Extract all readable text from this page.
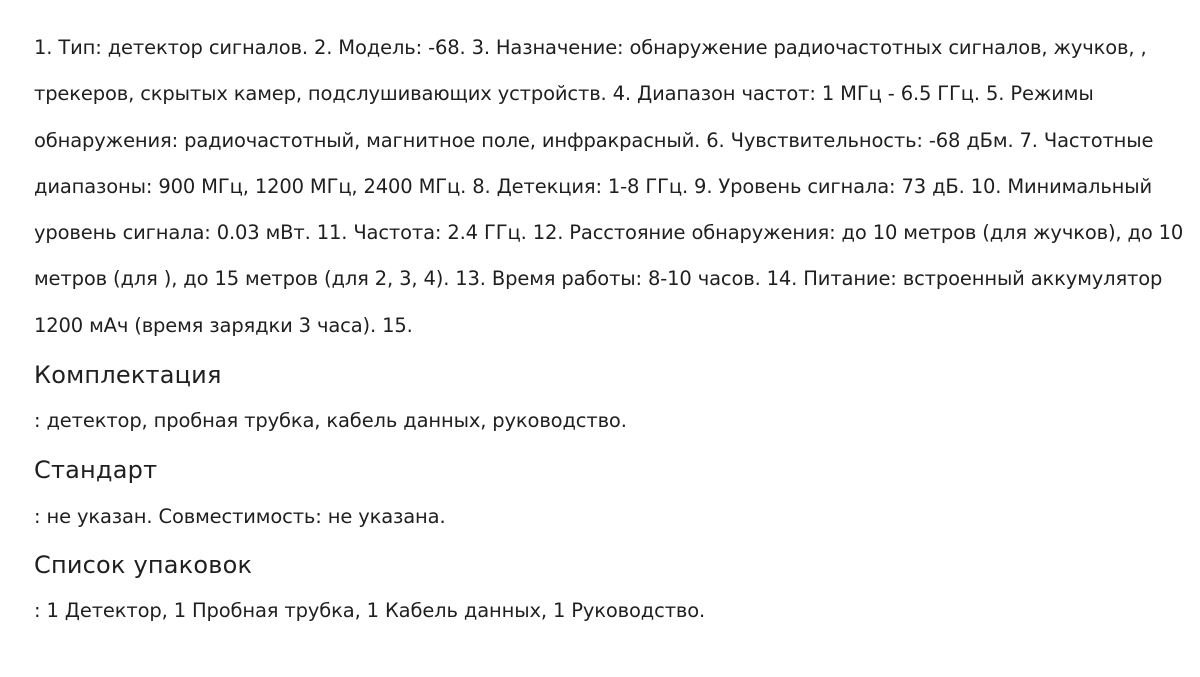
1. Тип: детектор сигналов. 2. Модель: -68. 3. Назначение: обнаружение радиочастотных сигналов, жучков, ,
трекеров, скрытых камер, подслушивающих устройств. 4. Диапазон частот: 1 МГц - 6.5 ГГц. 5. Режимы
обнаружения: радиочастотный, магнитное поле, инфракрасный. 6. Чувствительность: -68 дБм. 7. Частотные
диапазоны: 900 МГц, 1200 МГц, 2400 МГц. 8. Детекция: 1-8 ГГц. 9. Уровень сигнала: 73 дБ. 10. Минимальный
уровень сигнала: 0.03 мВт. 11. Частота: 2.4 ГГц. 12. Расстояние обнаружения: до 10 метров (для жучков), до 10
метров (для ), до 15 метров (для 2, 3, 4). 13. Время работы: 8-10 часов. 14. Питание: встроенный аккумулятор
1200 мАч (время зарядки 3 часа). 15.

Комплектация

: детектор, пробная трубка, кабель данных, руководство.

Стандарт

: не указан. Совместимость: не указана.

Список упаковок

: 1 Детектор, 1 Пробная трубка, 1 Кабель данных, 1 Руководство.
